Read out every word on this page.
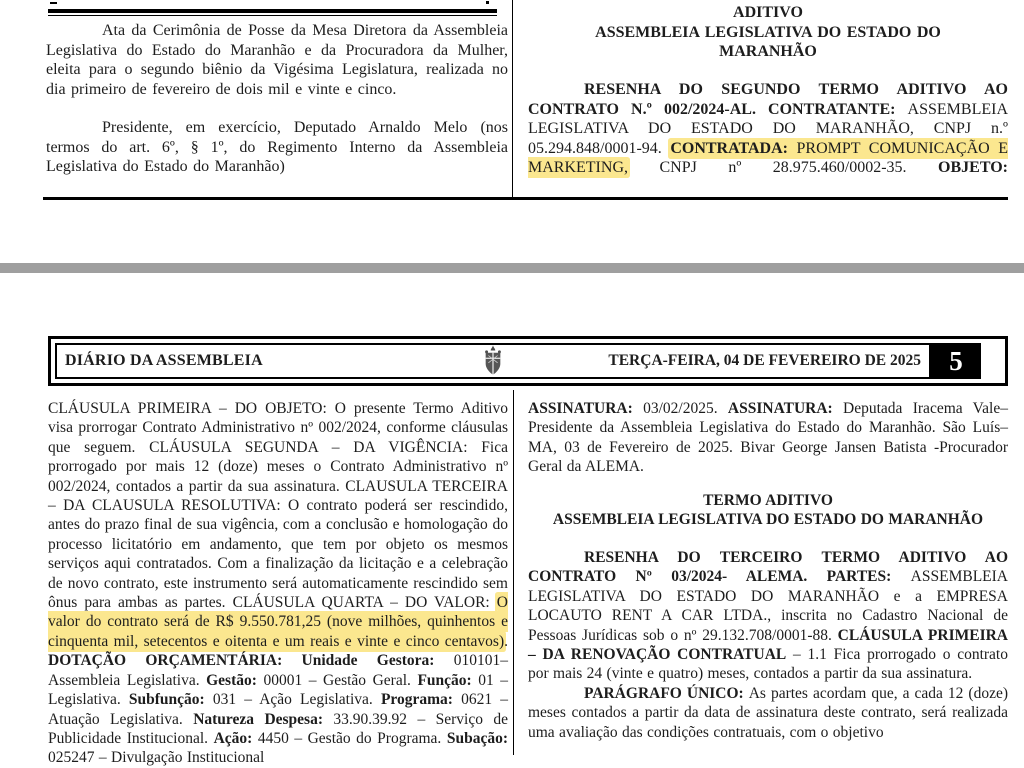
Ata da Cerimônia de Posse da Mesa Diretora da Assembleia Legislativa do Estado do Maranhão e da Procuradora da Mulher, eleita para o segundo biênio da Vigésima Legislatura, realizada no dia primeiro de fevereiro de dois mil e vinte e cinco.

Presidente, em exercício, Deputado Arnaldo Melo (nos termos do art. 6º, § 1º, do Regimento Interno da Assembleia Legislativa do Estado do Maranhão)

ADITIVO
ASSEMBLEIA LEGISLATIVA DO ESTADO DO
MARANHÃO

RESENHA DO SEGUNDO TERMO ADITIVO AO CONTRATO N.º 002/2024-AL. CONTRATANTE: ASSEMBLEIA LEGISLATIVA DO ESTADO DO MARANHÃO, CNPJ n.º 05.294.848/0001-94. CONTRATADA: PROMPT COMUNICAÇÃO E MARKETING, CNPJ nº 28.975.460/0002-35. OBJETO:

DIÁRIO DA ASSEMBLEIA	TERÇA-FEIRA, 04 DE FEVEREIRO DE 2025	5

CLÁUSULA PRIMEIRA – DO OBJETO: O presente Termo Aditivo visa prorrogar Contrato Administrativo nº 002/2024, conforme cláusulas que seguem. CLÁUSULA SEGUNDA – DA VIGÊNCIA: Fica prorrogado por mais 12 (doze) meses o Contrato Administrativo nº 002/2024, contados a partir da sua assinatura. CLAUSULA TERCEIRA – DA CLAUSULA RESOLUTIVA: O contrato poderá ser rescindido, antes do prazo final de sua vigência, com a conclusão e homologação do processo licitatório em andamento, que tem por objeto os mesmos serviços aqui contratados. Com a finalização da licitação e a celebração de novo contrato, este instrumento será automaticamente rescindido sem ônus para ambas as partes. CLÁUSULA QUARTA – DO VALOR: O valor do contrato será de R$ 9.550.781,25 (nove milhões, quinhentos e cinquenta mil, setecentos e oitenta e um reais e vinte e cinco centavos). DOTAÇÃO ORÇAMENTÁRIA: Unidade Gestora: 010101–Assembleia Legislativa. Gestão: 00001 – Gestão Geral. Função: 01 – Legislativa. Subfunção: 031 – Ação Legislativa. Programa: 0621 – Atuação Legislativa. Natureza Despesa: 33.90.39.92 – Serviço de Publicidade Institucional. Ação: 4450 – Gestão do Programa. Subação: 025247 – Divulgação Institucional

ASSINATURA: 03/02/2025. ASSINATURA: Deputada Iracema Vale–Presidente da Assembleia Legislativa do Estado do Maranhão. São Luís–MA, 03 de Fevereiro de 2025. Bivar George Jansen Batista -Procurador Geral da ALEMA.

TERMO ADITIVO
ASSEMBLEIA LEGISLATIVA DO ESTADO DO MARANHÃO

RESENHA DO TERCEIRO TERMO ADITIVO AO CONTRATO Nº 03/2024- ALEMA. PARTES: ASSEMBLEIA LEGISLATIVA DO ESTADO DO MARANHÃO e a EMPRESA LOCAUTO RENT A CAR LTDA., inscrita no Cadastro Nacional de Pessoas Jurídicas sob o nº 29.132.708/0001-88. CLÁUSULA PRIMEIRA – DA RENOVAÇÃO CONTRATUAL – 1.1 Fica prorrogado o contrato por mais 24 (vinte e quatro) meses, contados a partir da sua assinatura.

PARÁGRAFO ÚNICO: As partes acordam que, a cada 12 (doze) meses contados a partir da data de assinatura deste contrato, será realizada uma avaliação das condições contratuais, com o objetivo
